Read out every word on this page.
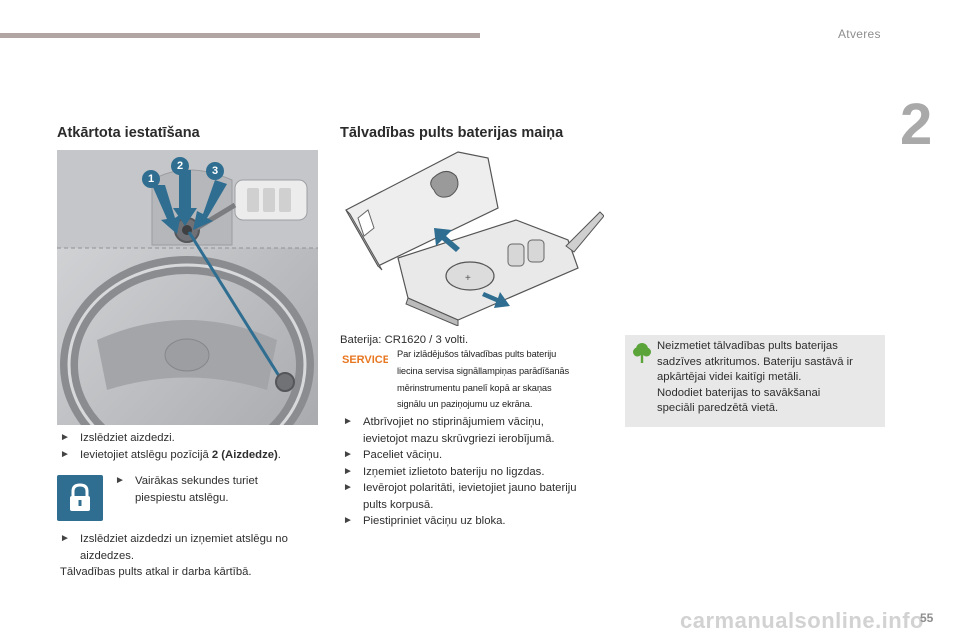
Atveres
2
Atkārtota iestatīšana
1
2	3
► Izslēdziet aizdedzi.
► Ievietojiet atslēgu pozīcijā 2 (Aizdedze).
► Vairākas sekundes turiet
piespiestu atslēgu.
► Izslēdziet aizdedzi un izņemiet atslēgu no
aizdedzes.
Tālvadības pults atkal ir darba kārtībā.
Tālvadības pults baterijas maiņa
+
Baterija: CR1620 / 3 volti.
SERVICE Par izlādējušos tālvadības pults bateriju
liecina servisa signāllampiņas parādīšanās
mērinstrumentu panelī kopā ar skaņas
signālu un paziņojumu uz ekrāna.
► Atbrīvojiet no stiprinājumiem vāciņu,
ievietojot mazu skrūvgriezi ierobījumā.
► Paceliet vāciņu.
► Izņemiet izlietoto bateriju no ligzdas.
► Ievērojot polaritāti, ievietojiet jauno bateriju
pults korpusā.
► Piestipriniet vāciņu uz bloka.
Neizmetiet tālvadības pults baterijas
sadzīves atkritumos. Bateriju sastāvā ir
apkārtējai videi kaitīgi metāli.
Nododiet baterijas to savākšanai
speciāli paredzētā vietā.
carmanualsonline.info
55
